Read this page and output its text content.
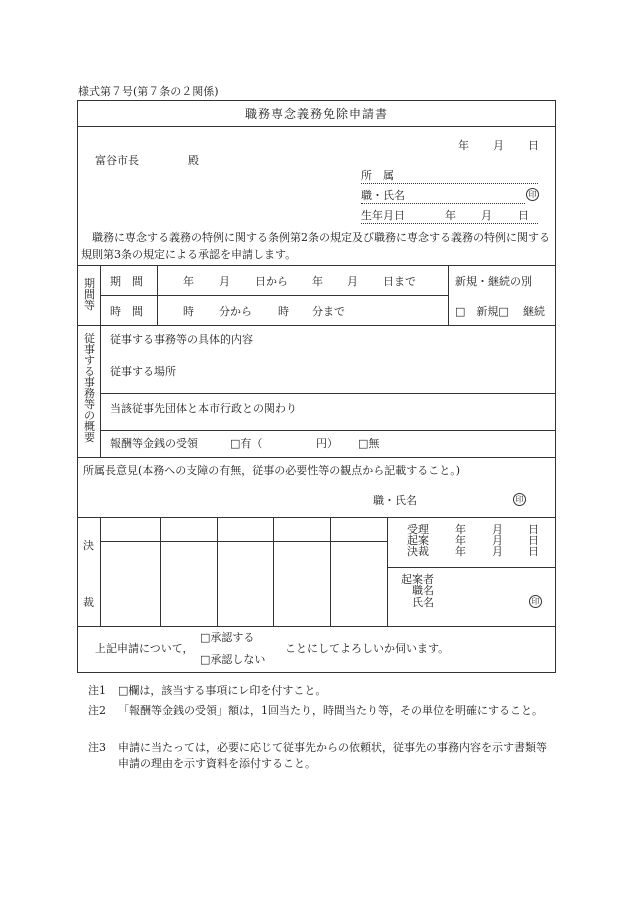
様式第７号(第７条の２関係)
職務専念義務免除申請書
年 月 日
富谷市長	殿
所　属
職・氏名	印
生年月日	年 月 日
職務に専念する義務の特例に関する条例第2条の規定及び職務に専念する義務の特例に関する規則第3条の規定による承認を申請します。
期
間
等
期　間	年 月 日から 年 月 日まで
時　間	時 分から 時 分まで
新規・継続の別
□　新規□ 継続
従
事
す
る
事
務
等
の
概
要
従事する事務等の具体的内容
従事する場所
当該従事先団体と本市行政との関わり
報酬等金銭の受領	□有（	円） □無
所属長意見(本務への支障の有無，従事の必要性等の観点から記載すること。)
職・氏名	印
決
裁
受理 年 月 日
起案 年 月 日
決裁 年 月 日
起案者
職名
氏名	印
上記申請について，
□承認する
□承認しない
ことにしてよろしいか伺います。
注1 □欄は，該当する事項にレ印を付すこと。
注2 「報酬等金銭の受領」額は，1回当たり，時間当たり等，その単位を明確にすること。
注3 申請に当たっては，必要に応じて従事先からの依頼状，従事先の事務内容を示す書類等申請の理由を示す資料を添付すること。
